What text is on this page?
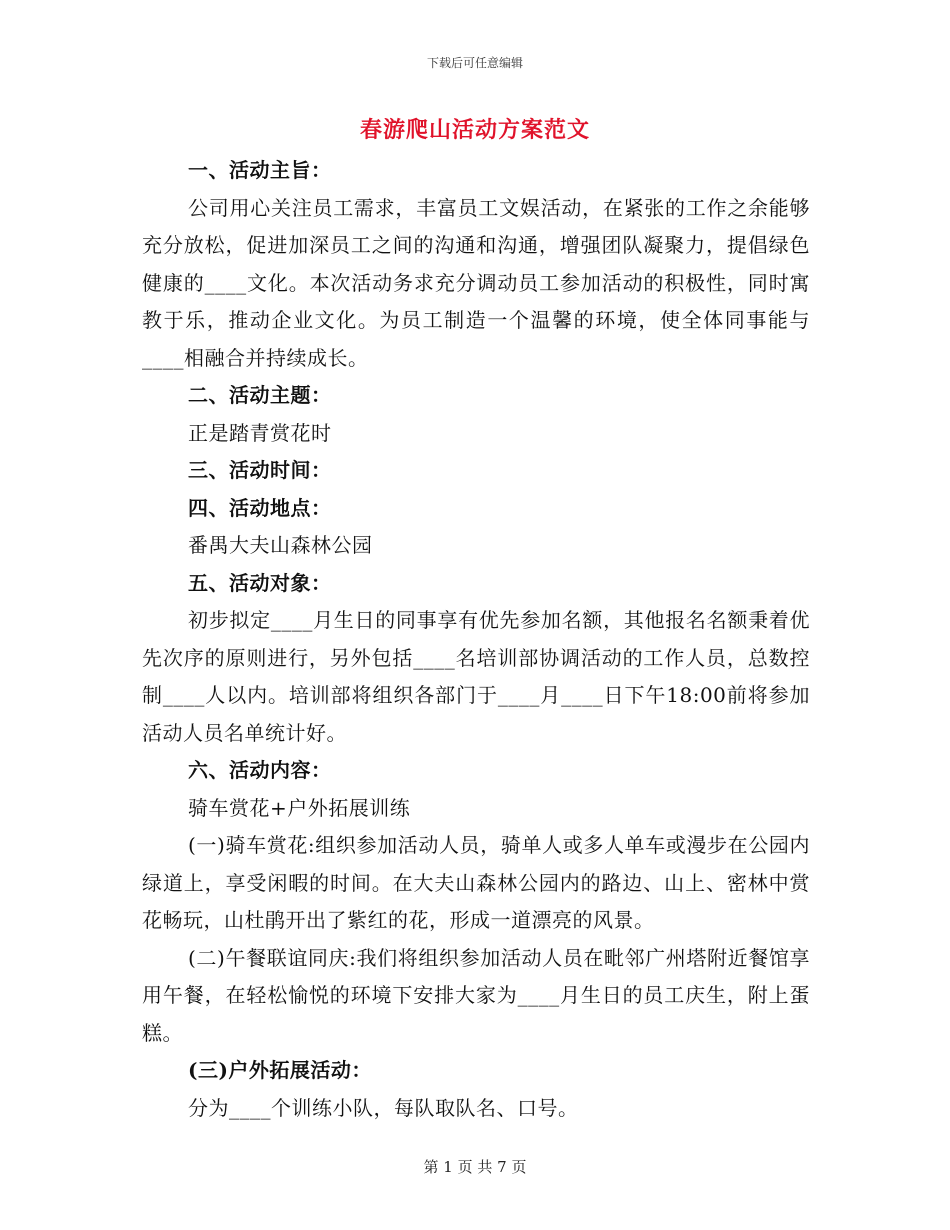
下载后可任意编辑
春游爬山活动方案范文

一、活动主旨：

公司用心关注员工需求，丰富员工文娱活动，在紧张的工作之余能够充分放松，促进加深员工之间的沟通和沟通，增强团队凝聚力，提倡绿色健康的____文化。本次活动务求充分调动员工参加活动的积极性，同时寓教于乐，推动企业文化。为员工制造一个温馨的环境，使全体同事能与____相融合并持续成长。

二、活动主题：

正是踏青赏花时

三、活动时间：

四、活动地点：

番禺大夫山森林公园

五、活动对象：

初步拟定____月生日的同事享有优先参加名额，其他报名名额秉着优先次序的原则进行，另外包括____名培训部协调活动的工作人员，总数控制____人以内。培训部将组织各部门于____月____日下午18:00前将参加活动人员名单统计好。

六、活动内容：

骑车赏花+户外拓展训练

(一)骑车赏花:组织参加活动人员，骑单人或多人单车或漫步在公园内绿道上，享受闲暇的时间。在大夫山森林公园内的路边、山上、密林中赏花畅玩，山杜鹃开出了紫红的花，形成一道漂亮的风景。

(二)午餐联谊同庆:我们将组织参加活动人员在毗邻广州塔附近餐馆享用午餐，在轻松愉悦的环境下安排大家为____月生日的员工庆生，附上蛋糕。

(三)户外拓展活动：

分为____个训练小队，每队取队名、口号。

第 1 页 共 7 页
